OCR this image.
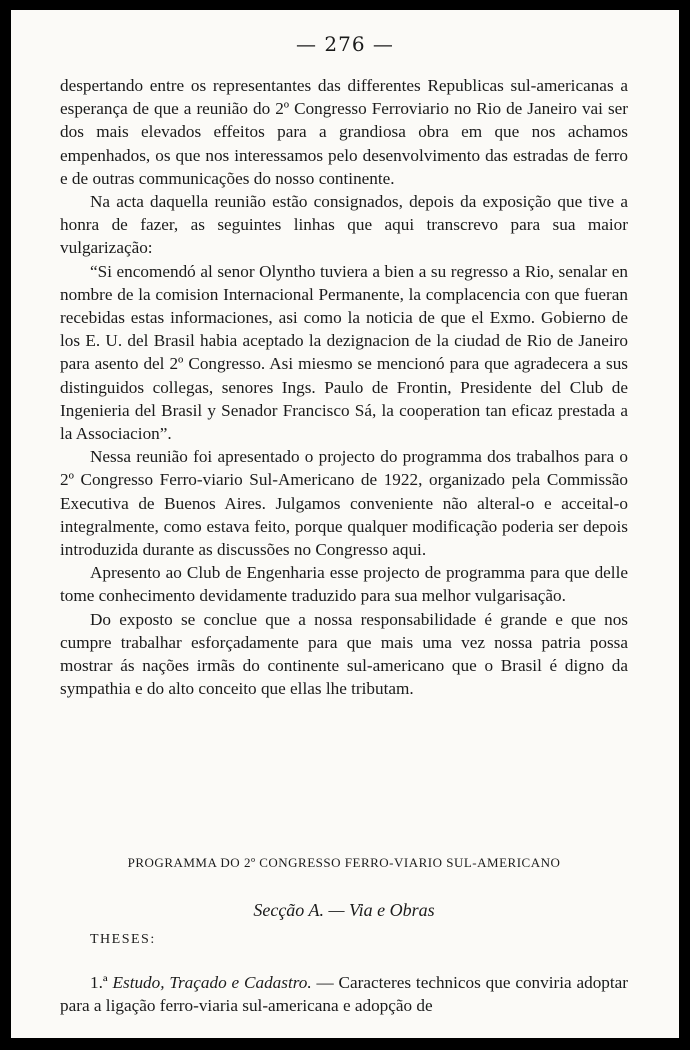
— 276 —

despertando entre os representantes das differentes Republicas sul-americanas a esperança de que a reunião do 2º Congresso Ferroviario no Rio de Janeiro vai ser dos mais elevados effeitos para a grandiosa obra em que nos achamos empenhados, os que nos interessamos pelo desenvolvimento das estradas de ferro e de outras communicações do nosso continente.

Na acta daquella reunião estão consignados, depois da exposição que tive a honra de fazer, as seguintes linhas que aqui transcrevo para sua maior vulgarização:

“Si encomendó al senor Olyntho tuviera a bien a su regresso a Rio, senalar en nombre de la comision Internacional Permanente, la complacencia con que fueran recebidas estas informaciones, asi como la noticia de que el Exmo. Gobierno de los E. U. del Brasil habia aceptado la dezignacion de la ciudad de Rio de Janeiro para asento del 2º Congresso. Asi miesmo se mencionó para que agradecera a sus distinguidos collegas, senores Ings. Paulo de Frontin, Presidente del Club de Ingenieria del Brasil y Senador Francisco Sá, la cooperation tan eficaz prestada a la Associacion”.

Nessa reunião foi apresentado o projecto do programma dos trabalhos para o 2º Congresso Ferro-viario Sul-Americano de 1922, organizado pela Commissão Executiva de Buenos Aires. Julgamos conveniente não alteral-o e acceital-o integralmente, como estava feito, porque qualquer modificação poderia ser depois introduzida durante as discussões no Congresso aqui.

Apresento ao Club de Engenharia esse projecto de programma para que delle tome conhecimento devidamente traduzido para sua melhor vulgarisação.

Do exposto se conclue que a nossa responsabilidade é grande e que nos cumpre trabalhar esforçadamente para que mais uma vez nossa patria possa mostrar ás nações irmãs do continente sul-americano que o Brasil é digno da sympathia e do alto conceito que ellas lhe tributam.

PROGRAMMA DO 2º CONGRESSO FERRO-VIARIO SUL-AMERICANO
Secção A. — Via e Obras
THESES:

1.ª Estudo, Traçado e Cadastro. — Caracteres technicos que conviria adoptar para a ligação ferro-viaria sul-americana e adopção de
